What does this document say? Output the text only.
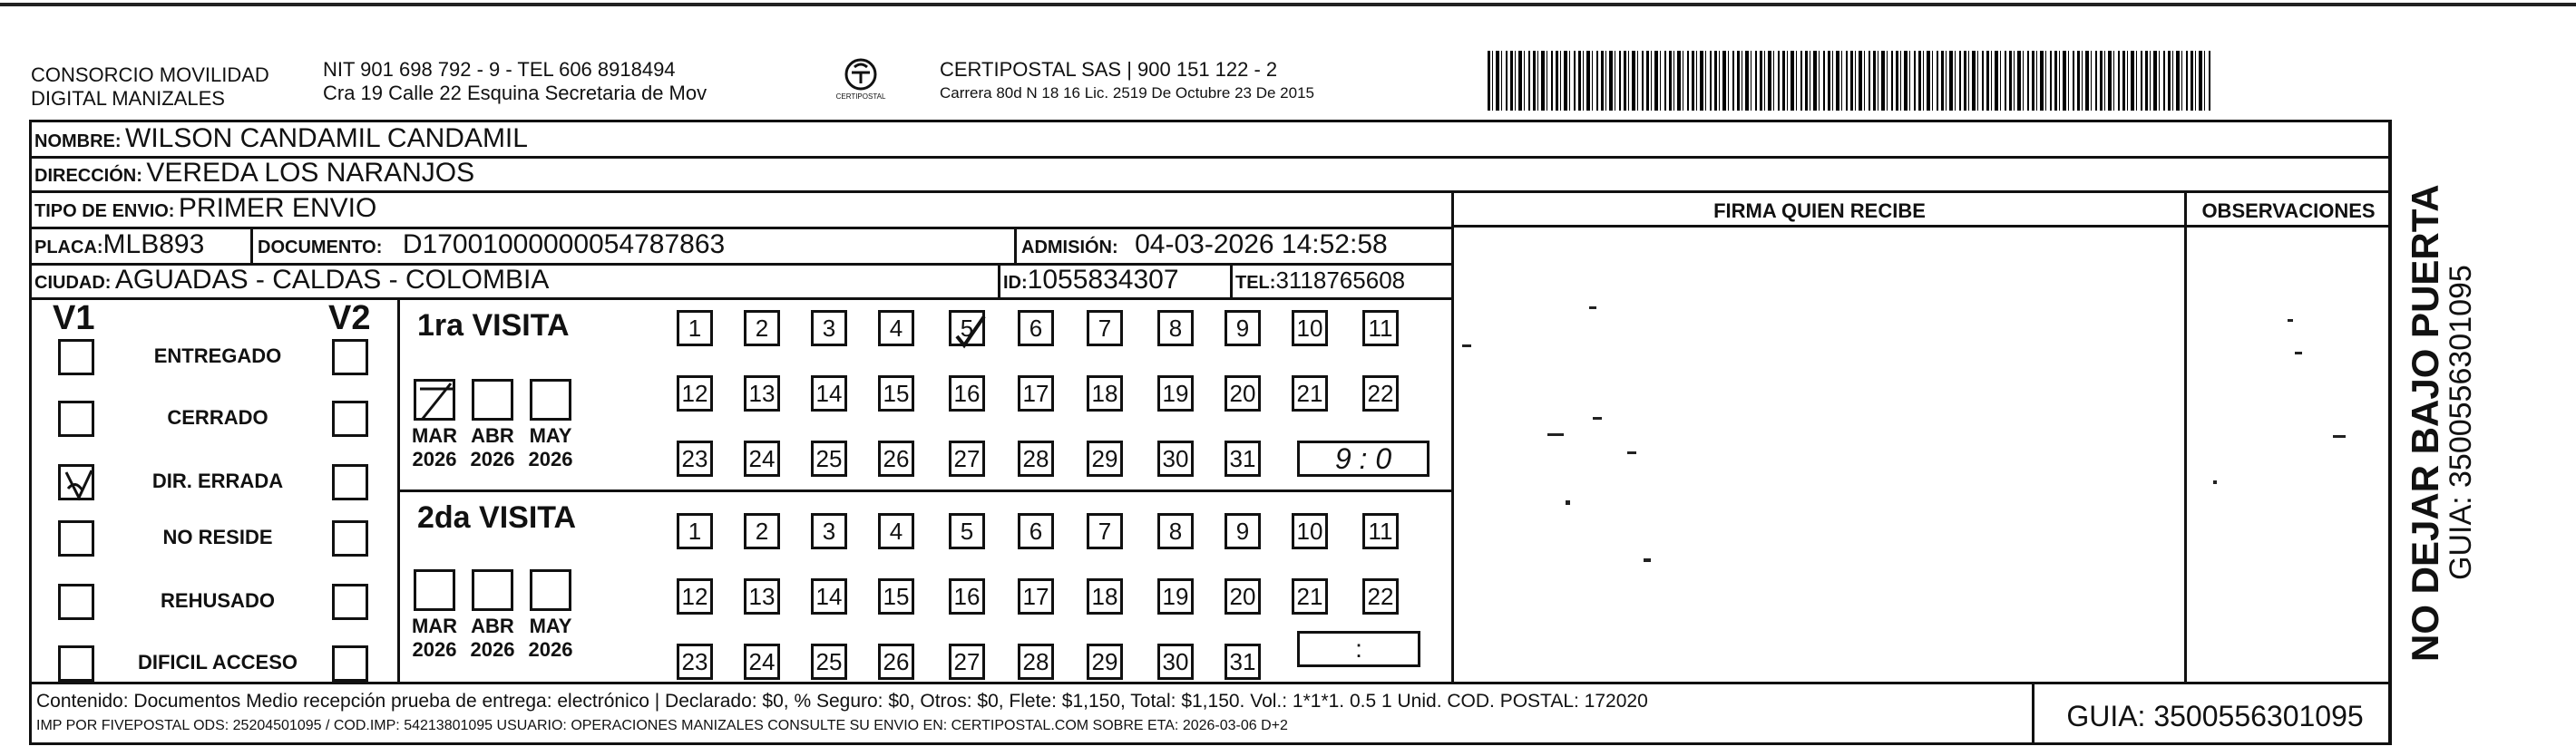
CONSORCIO MOVILIDAD
DIGITAL MANIZALES
NIT 901 698 792 - 9 - TEL 606 8918494
Cra 19 Calle 22 Esquina Secretaria de Mov	CERTIPOSTAL
CERTIPOSTAL SAS | 900 151 122 - 2
Carrera 80d N 18 16 Lic. 2519 De Octubre 23 De 2015
NOMBRE: WILSON CANDAMIL CANDAMIL
DIRECCIÓN: VEREDA LOS NARANJOS
TIPO DE ENVIO: PRIMER ENVIO	FIRMA QUIEN RECIBE	OBSERVACIONES
PLACA:MLB893	DOCUMENTO: D17001000000054787863	ADMISIÓN: 04-03-2026 14:52:58
CIUDAD: AGUADAS - CALDAS - COLOMBIA	ID:1055834307	TEL:3118765608
V1	V2
ENTREGADO
CERRADO
DIR. ERRADA
NO RESIDE
REHUSADO
DIFICIL ACCESO
1ra VISITA
2da VISITA
MAR
2026
ABR
2026
MAY
2026
MAR
2026
ABR
2026
MAY
2026
1	2	3	4	5	6	7	8	9	10 11
12 13 14 15 16 17 18 19 20 21 22
23 24 25 26 27 28 29 30 31
1	2	3	4	5	6	7	8	9	10 11
12 13 14 15 16 17 18 19 20 21 22
23 24 25 26 27 28 29 30 31
9 : 0
:
Contenido: Documentos Medio recepción prueba de entrega: electrónico | Declarado: $0, % Seguro: $0, Otros: $0, Flete: $1,150, Total: $1,150. Vol.: 1*1*1. 0.5 1 Unid. COD. POSTAL: 172020
IMP POR FIVEPOSTAL ODS: 25204501095 / COD.IMP: 54213801095 USUARIO: OPERACIONES MANIZALES CONSULTE SU ENVIO EN: CERTIPOSTAL.COM SOBRE ETA: 2026-03-06 D+2	GUIA: 3500556301095
NO DEJAR BAJO PUERTA
GUIA: 3500556301095
